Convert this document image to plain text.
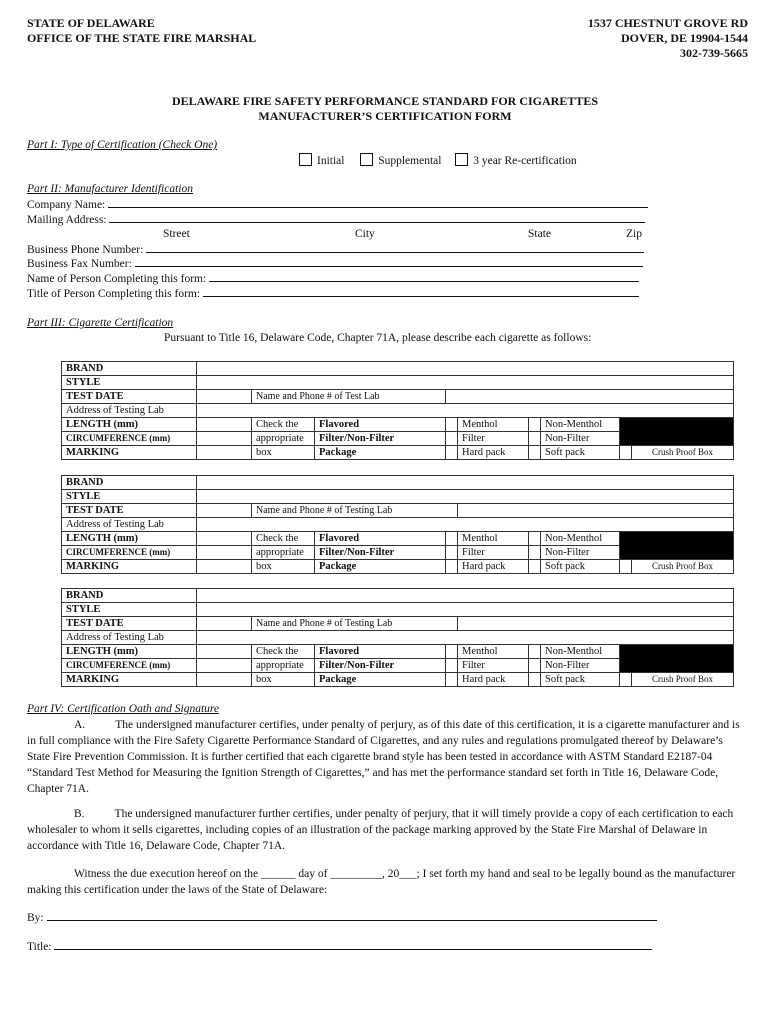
STATE OF DELAWARE
OFFICE OF THE STATE FIRE MARSHAL
1537 CHESTNUT GROVE RD
DOVER, DE 19904-1544
302-739-5665
DELAWARE FIRE SAFETY PERFORMANCE STANDARD FOR CIGARETTES
MANUFACTURER’S CERTIFICATION FORM
Part I: Type of Certification (Check One)
Initial	Supplemental	3 year Re-certification
Part II: Manufacturer Identification
Company Name:
Mailing Address:
Street	City	State	Zip
Business Phone Number:
Business Fax Number:
Name of Person Completing this form:
Title of Person Completing this form:
Part III: Cigarette Certification
Pursuant to Title 16, Delaware Code, Chapter 71A, please describe each cigarette as follows:
BRAND									
STYLE									
TEST DATE		Name and Phone # of Test Lab							
Address of Testing Lab									
LENGTH (mm)		Check the	Flavored		Menthol		Non-Menthol		
CIRCUMFERENCE (mm)		appropriate	Filter/Non-Filter		Filter		Non-Filter		
MARKING		box	Package		Hard pack		Soft pack		Crush Proof Box
BRAND									
STYLE									
TEST DATE		Name and Phone # of Testing Lab							
Address of Testing Lab									
LENGTH (mm)		Check the	Flavored		Menthol		Non-Menthol		
CIRCUMFERENCE (mm)		appropriate	Filter/Non-Filter		Filter		Non-Filter		
MARKING		box	Package		Hard pack		Soft pack		Crush Proof Box
BRAND									
STYLE									
TEST DATE		Name and Phone # of Testing Lab							
Address of Testing Lab									
LENGTH (mm)		Check the	Flavored		Menthol		Non-Menthol		
CIRCUMFERENCE (mm)		appropriate	Filter/Non-Filter		Filter		Non-Filter		
MARKING		box	Package		Hard pack		Soft pack		Crush Proof Box
Part IV: Certification Oath and Signature
A.	The undersigned manufacturer certifies, under penalty of perjury, as of this date of this certification, it is a cigarette manufacturer and is in full compliance with the Fire Safety Cigarette Performance Standard of Cigarettes, and any rules and regulations promulgated thereof by Delaware’s State Fire Prevention Commission. It is further certified that each cigarette brand style has been tested in accordance with ASTM Standard E2187-04 “Standard Test Method for Measuring the Ignition Strength of Cigarettes,” and has met the performance standard set forth in Title 16, Delaware Code, Chapter 71A.
B.	The undersigned manufacturer further certifies, under penalty of perjury, that it will timely provide a copy of each certification to each wholesaler to whom it sells cigarettes, including copies of an illustration of the package marking approved by the State Fire Marshal of Delaware in accordance with Title 16, Delaware Code, Chapter 71A.
Witness the due execution hereof on the ______ day of _________, 20___; I set forth my hand and seal to be legally bound as the manufacturer making this certification under the laws of the State of Delaware:
By:
Title:
